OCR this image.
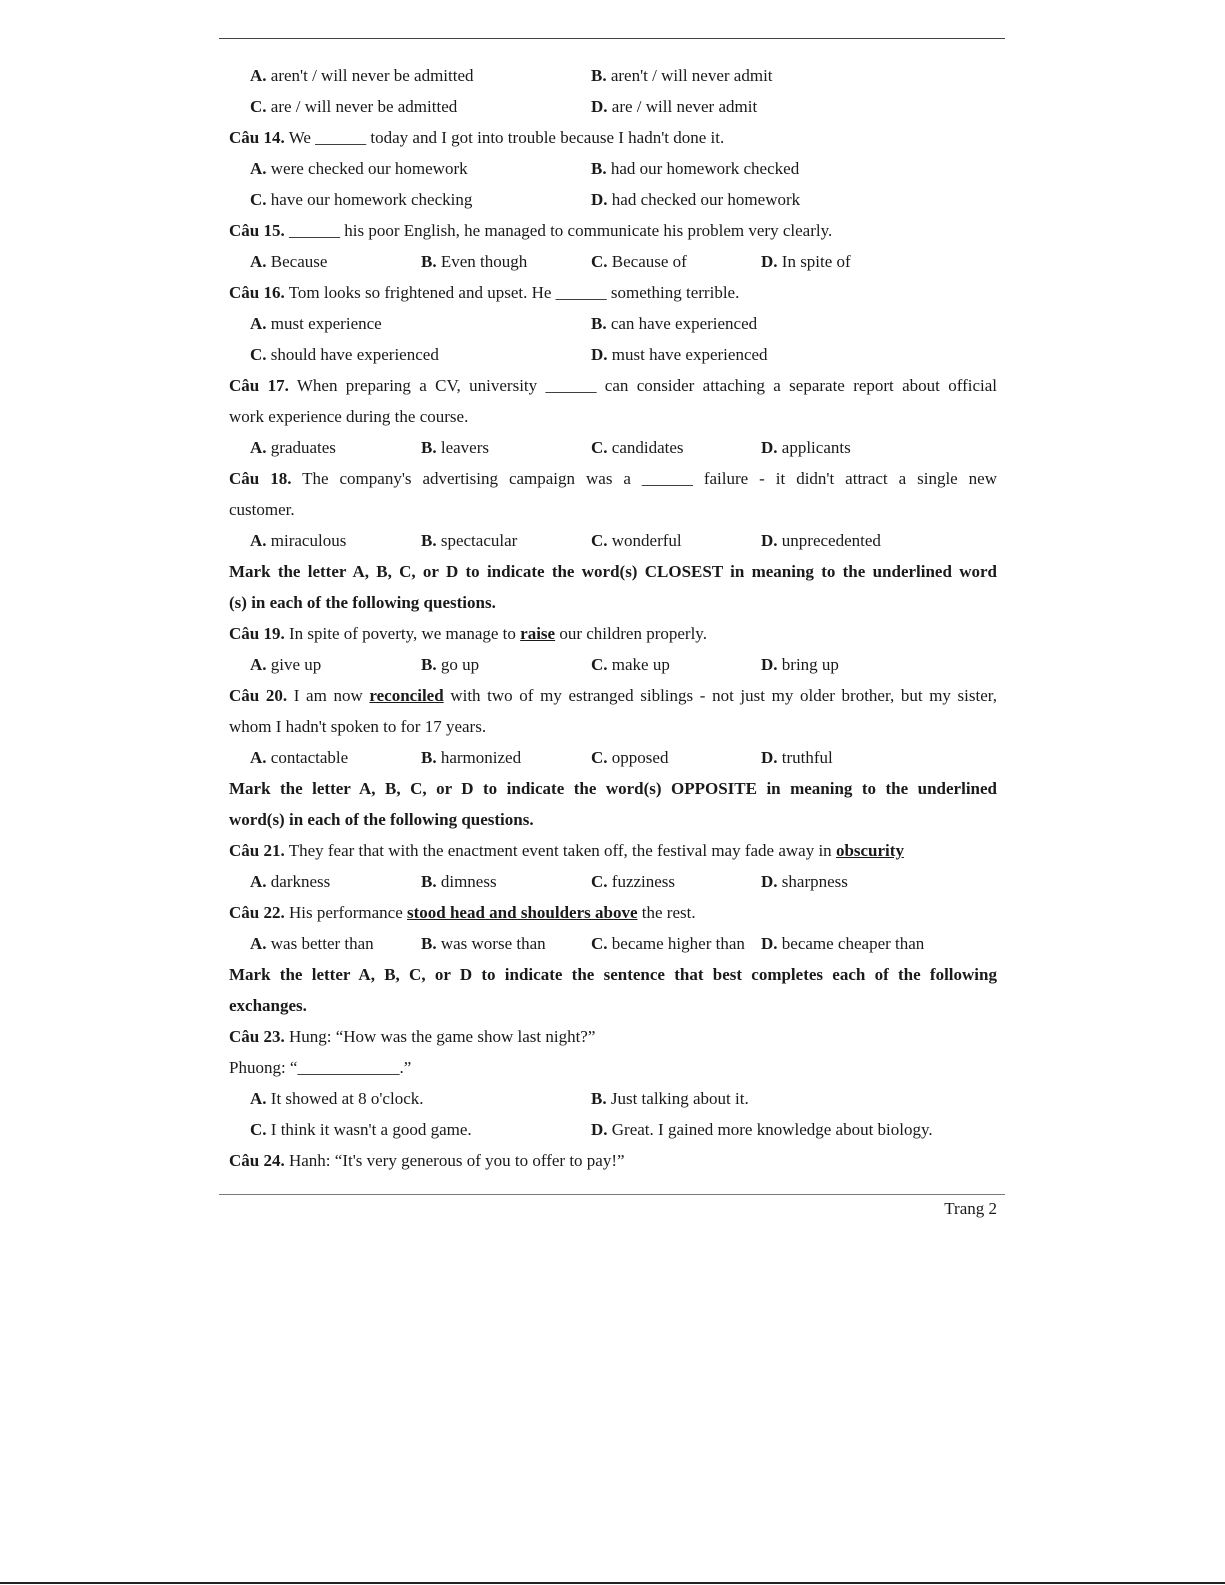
A. aren't / will never be admitted	B. aren't / will never admit
C. are / will never be admitted	D. are / will never admit
Câu 14. We ______ today and I got into trouble because I hadn't done it.
A. were checked our homework	B. had our homework checked
C. have our homework checking	D. had checked our homework
Câu 15. ______ his poor English, he managed to communicate his problem very clearly.
A. Because	B. Even though	C. Because of	D. In spite of
Câu 16. Tom looks so frightened and upset. He ______ something terrible.
A. must experience	B. can have experienced
C. should have experienced	D. must have experienced
Câu 17. When preparing a CV, university ______ can consider attaching a separate report about official
work experience during the course.
A. graduates	B. leavers	C. candidates	D. applicants
Câu 18. The company's advertising campaign was a ______ failure - it didn't attract a single new
customer.
A. miraculous	B. spectacular	C. wonderful	D. unprecedented
Mark the letter A, B, C, or D to indicate the word(s) CLOSEST in meaning to the underlined word
(s) in each of the following questions.
Câu 19. In spite of poverty, we manage to raise our children properly.
A. give up	B. go up	C. make up	D. bring up
Câu 20. I am now reconciled with two of my estranged siblings - not just my older brother, but my sister,
whom I hadn't spoken to for 17 years.
A. contactable	B. harmonized	C. opposed	D. truthful
Mark the letter A, B, C, or D to indicate the word(s) OPPOSITE in meaning to the underlined
word(s) in each of the following questions.
Câu 21. They fear that with the enactment event taken off, the festival may fade away in obscurity
A. darkness	B. dimness	C. fuzziness	D. sharpness
Câu 22. His performance stood head and shoulders above the rest.
A. was better than	B. was worse than	C. became higher than D. became cheaper than
Mark the letter A, B, C, or D to indicate the sentence that best completes each of the following
exchanges.
Câu 23. Hung: “How was the game show last night?”
Phuong: “____________.”
A. It showed at 8 o'clock.	B. Just talking about it.
C. I think it wasn't a good game.	D. Great. I gained more knowledge about biology.
Câu 24. Hanh: “It's very generous of you to offer to pay!”
Trang 2
